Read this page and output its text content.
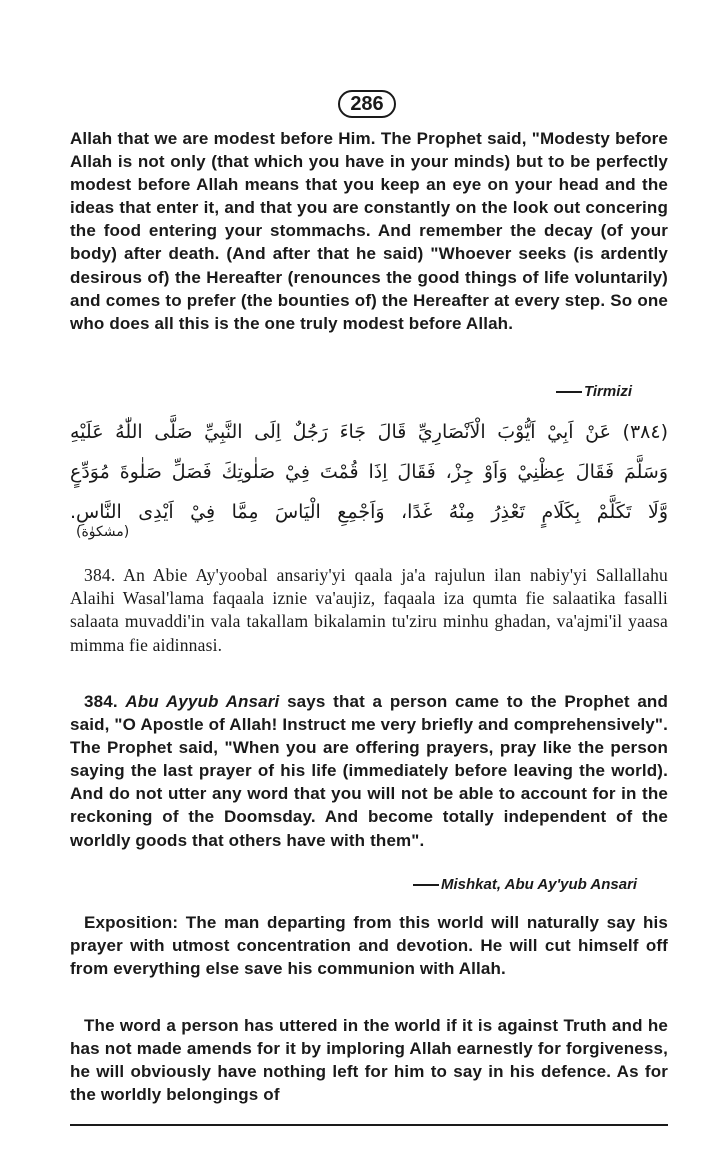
286

Allah that we are modest before Him. The Prophet said, "Modesty before Allah is not only (that which you have in your minds) but to be perfectly modest before Allah means that you keep an eye on your head and the ideas that enter it, and that you are constantly on the look out concering the food entering your stommachs. And remember the decay (of your body) after death. (And after that he said) "Whoever seeks (is ardently desirous of) the Hereafter (renounces the good things of life voluntarily) and comes to prefer (the bounties of) the Hereafter at every step. So one who does all this is the one truly modest before Allah.

Tirmizi
(٣٨٤) عَنْ اَبِيْ اَيُّوْبَ الْاَنْصَارِيِّ قَالَ جَاءَ رَجُلٌ اِلَى النَّبِيِّ صَلَّى اللّٰهُ عَلَيْهِ
وَسَلَّمَ فَقَالَ عِظْنِيْ وَاَوْ جِزْ، فَقَالَ اِذَا قُمْتَ فِيْ صَلٰوتِكَ فَصَلِّ صَلٰوةَ مُوَدِّعٍ
وَّلَا تَكَلَّمْ بِكَلَامٍ تَعْذِرُ مِنْهُ غَدًا، وَاَجْمِعِ الْيَاسَ مِمَّا فِيْ اَيْدِى النَّاسِ.
(مشكوٰة)

384. An Abie Ay'yoobal ansariy'yi qaala ja'a rajulun ilan nabiy'yi Sallallahu Alaihi Wasal'lama faqaala iznie va'aujiz, faqaala iza qumta fie salaatika fasalli salaata muvaddi'in vala takallam bikalamin tu'ziru minhu ghadan, va'ajmi'il yaasa mimma fie aidinnasi.

384. Abu Ayyub Ansari says that a person came to the Prophet and said, "O Apostle of Allah! Instruct me very briefly and comprehensively". The Prophet said, "When you are offering prayers, pray like the person saying the last prayer of his life (immediately before leaving the world). And do not utter any word that you will not be able to account for in the reckoning of the Doomsday. And become totally independent of the worldly goods that others have with them".

Mishkat, Abu Ay'yub Ansari

Exposition: The man departing from this world will naturally say his prayer with utmost concentration and devotion. He will cut himself off from everything else save his communion with Allah.

The word a person has uttered in the world if it is against Truth and he has not made amends for it by imploring Allah earnestly for forgiveness, he will obviously have nothing left for him to say in his defence. As for the worldly belongings of
